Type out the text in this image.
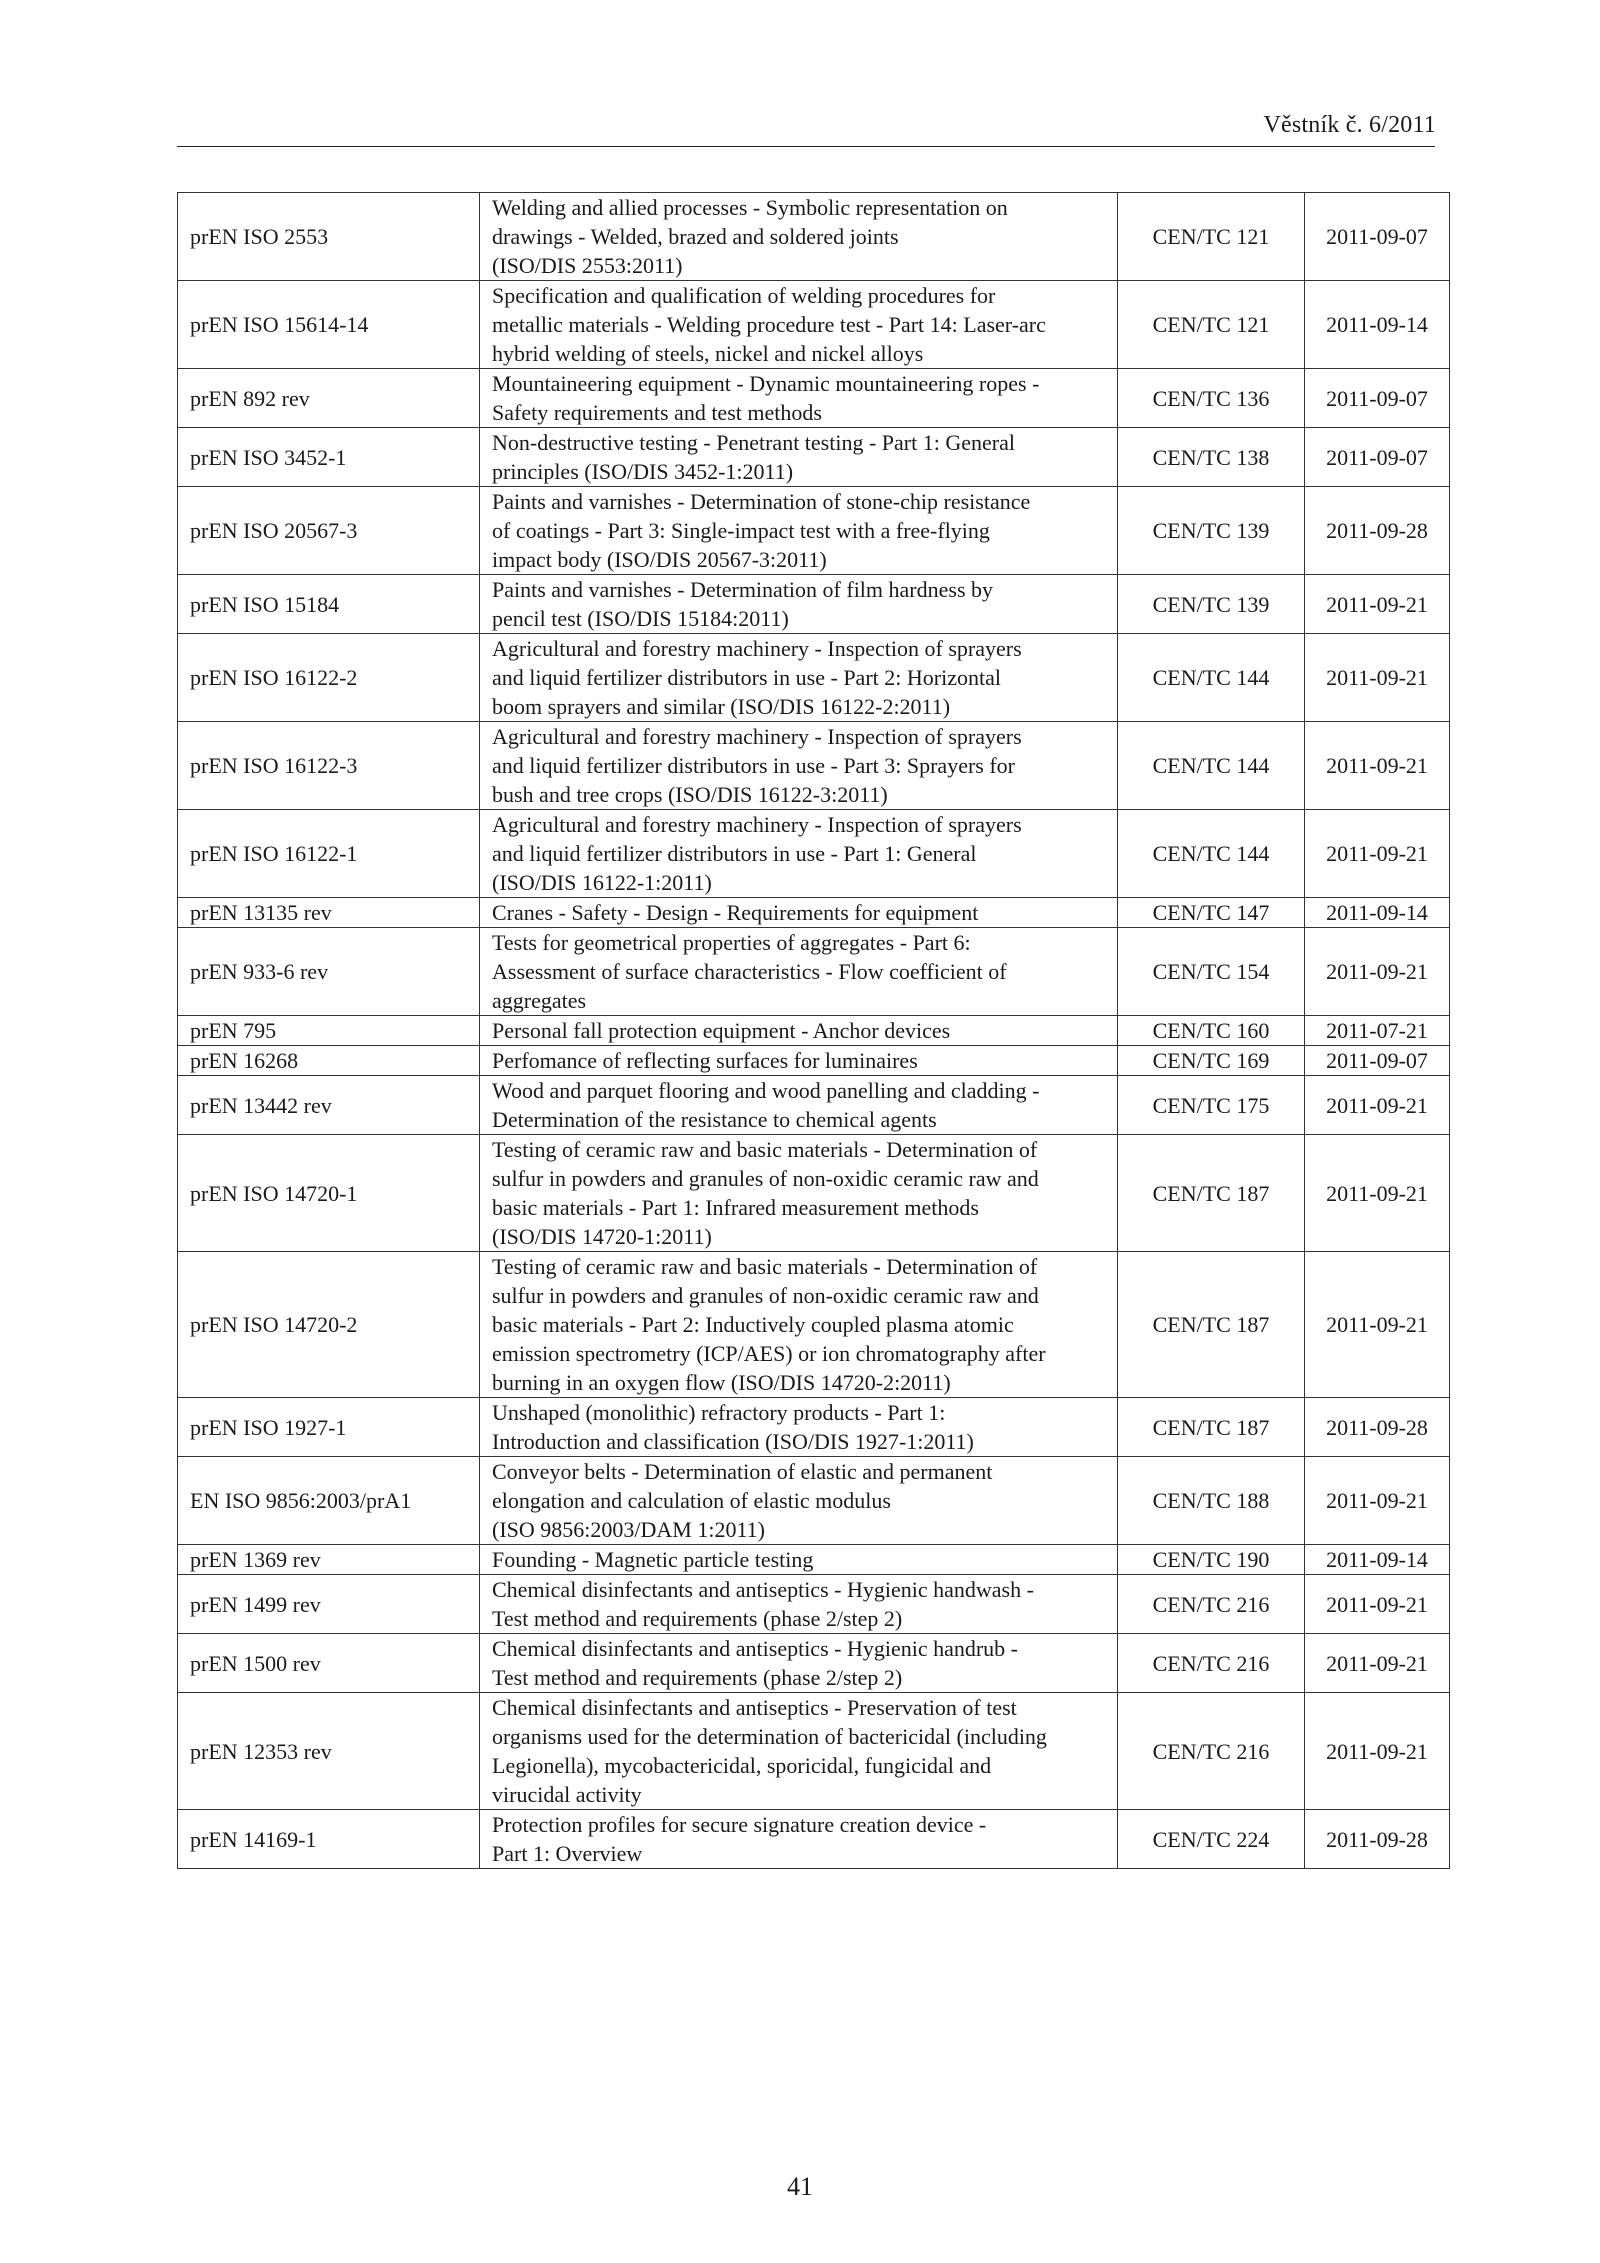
Věstník č. 6/2011
prEN ISO 2553	Welding and allied processes - Symbolic representation on
drawings - Welded, brazed and soldered joints
(ISO/DIS 2553:2011)	CEN/TC 121	2011-09-07
prEN ISO 15614-14	Specification and qualification of welding procedures for
metallic materials - Welding procedure test - Part 14: Laser-arc
hybrid welding of steels, nickel and nickel alloys	CEN/TC 121	2011-09-14
prEN 892 rev	Mountaineering equipment - Dynamic mountaineering ropes -
Safety requirements and test methods	CEN/TC 136	2011-09-07
prEN ISO 3452-1	Non-destructive testing - Penetrant testing - Part 1: General
principles (ISO/DIS 3452-1:2011)	CEN/TC 138	2011-09-07
prEN ISO 20567-3	Paints and varnishes - Determination of stone-chip resistance
of coatings - Part 3: Single-impact test with a free-flying
impact body (ISO/DIS 20567-3:2011)	CEN/TC 139	2011-09-28
prEN ISO 15184	Paints and varnishes - Determination of film hardness by
pencil test (ISO/DIS 15184:2011)	CEN/TC 139	2011-09-21
prEN ISO 16122-2	Agricultural and forestry machinery - Inspection of sprayers
and liquid fertilizer distributors in use - Part 2: Horizontal
boom sprayers and similar (ISO/DIS 16122-2:2011)	CEN/TC 144	2011-09-21
prEN ISO 16122-3	Agricultural and forestry machinery - Inspection of sprayers
and liquid fertilizer distributors in use - Part 3: Sprayers for
bush and tree crops (ISO/DIS 16122-3:2011)	CEN/TC 144	2011-09-21
prEN ISO 16122-1	Agricultural and forestry machinery - Inspection of sprayers
and liquid fertilizer distributors in use - Part 1: General
(ISO/DIS 16122-1:2011)	CEN/TC 144	2011-09-21
prEN 13135 rev	Cranes - Safety - Design - Requirements for equipment	CEN/TC 147	2011-09-14
prEN 933-6 rev	Tests for geometrical properties of aggregates - Part 6:
Assessment of surface characteristics - Flow coefficient of
aggregates	CEN/TC 154	2011-09-21
prEN 795	Personal fall protection equipment - Anchor devices	CEN/TC 160	2011-07-21
prEN 16268	Perfomance of reflecting surfaces for luminaires	CEN/TC 169	2011-09-07
prEN 13442 rev	Wood and parquet flooring and wood panelling and cladding -
Determination of the resistance to chemical agents	CEN/TC 175	2011-09-21
prEN ISO 14720-1	Testing of ceramic raw and basic materials - Determination of
sulfur in powders and granules of non-oxidic ceramic raw and
basic materials - Part 1: Infrared measurement methods
(ISO/DIS 14720-1:2011)	CEN/TC 187	2011-09-21
prEN ISO 14720-2	Testing of ceramic raw and basic materials - Determination of
sulfur in powders and granules of non-oxidic ceramic raw and
basic materials - Part 2: Inductively coupled plasma atomic
emission spectrometry (ICP/AES) or ion chromatography after
burning in an oxygen flow (ISO/DIS 14720-2:2011)	CEN/TC 187	2011-09-21
prEN ISO 1927-1	Unshaped (monolithic) refractory products - Part 1:
Introduction and classification (ISO/DIS 1927-1:2011)	CEN/TC 187	2011-09-28
EN ISO 9856:2003/prA1	Conveyor belts - Determination of elastic and permanent
elongation and calculation of elastic modulus
(ISO 9856:2003/DAM 1:2011)	CEN/TC 188	2011-09-21
prEN 1369 rev	Founding - Magnetic particle testing	CEN/TC 190	2011-09-14
prEN 1499 rev	Chemical disinfectants and antiseptics - Hygienic handwash -
Test method and requirements (phase 2/step 2)	CEN/TC 216	2011-09-21
prEN 1500 rev	Chemical disinfectants and antiseptics - Hygienic handrub -
Test method and requirements (phase 2/step 2)	CEN/TC 216	2011-09-21
prEN 12353 rev	Chemical disinfectants and antiseptics - Preservation of test
organisms used for the determination of bactericidal (including
Legionella), mycobactericidal, sporicidal, fungicidal and
virucidal activity	CEN/TC 216	2011-09-21
prEN 14169-1	Protection profiles for secure signature creation device -
Part 1: Overview	CEN/TC 224	2011-09-28
41
